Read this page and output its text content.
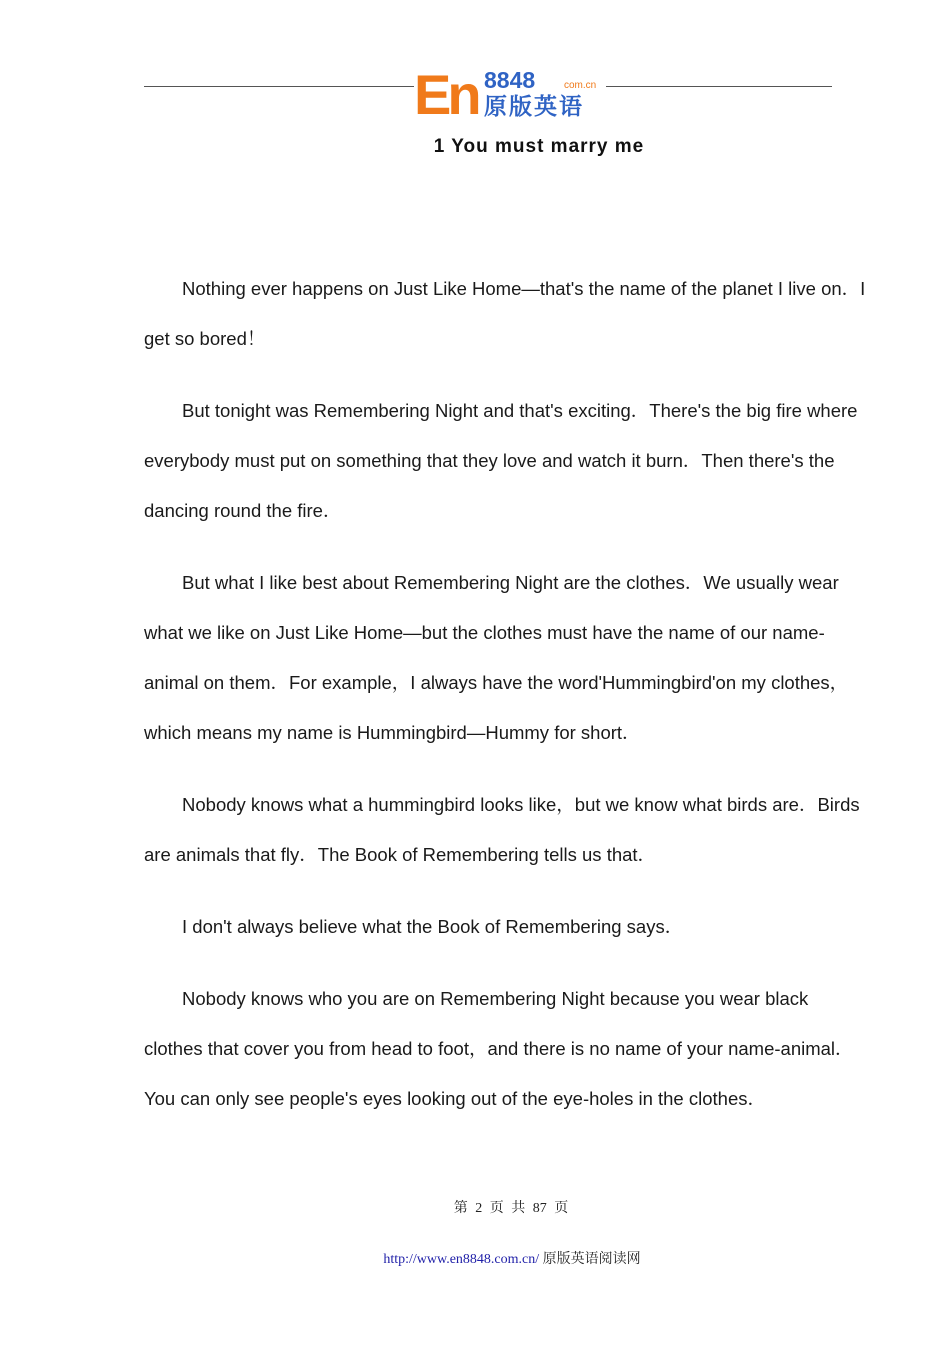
En 8848	com.cn
原版英语
1 You must marry me

Nothing ever happens on Just Like Home—that's the name of the planet I live on．I get so bored！

But tonight was Remembering Night and that's exciting．There's the big fire where everybody must put on something that they love and watch it burn．Then there's the dancing round the fire．

But what I like best about Remembering Night are the clothes．We usually wear what we like on Just Like Home—but the clothes must have the name of our name-animal on them．For example，I always have the word'Hummingbird'on my clothes，which means my name is Hummingbird—Hummy for short．

Nobody knows what a hummingbird looks like，but we know what birds are．Birds are animals that fly．The Book of Remembering tells us that．

I don't always believe what the Book of Remembering says．

Nobody knows who you are on Remembering Night because you wear black clothes that cover you from head to foot，and there is no name of your name-animal．You can only see people's eyes looking out of the eye-holes in the clothes．

第 2 页 共 87 页

http://www.en8848.com.cn/ 原版英语阅读网
